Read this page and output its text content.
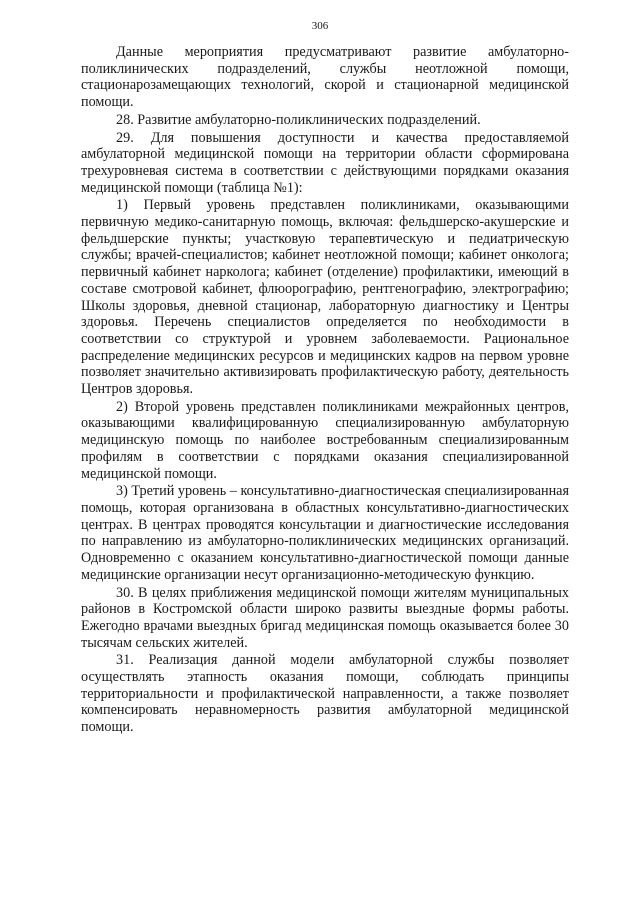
306

Данные мероприятия предусматривают развитие амбулаторно-поликлинических подразделений, службы неотложной помощи, стационарозамещающих технологий, скорой и стационарной медицинской помощи.

28. Развитие амбулаторно-поликлинических подразделений.

29. Для повышения доступности и качества предоставляемой амбулаторной медицинской помощи на территории области сформирована трехуровневая система в соответствии с действующими порядками оказания медицинской помощи (таблица №1):

1) Первый уровень представлен поликлиниками, оказывающими первичную медико-санитарную помощь, включая: фельдшерско-акушерские и фельдшерские пункты; участковую терапевтическую и педиатрическую службы; врачей-специалистов; кабинет неотложной помощи; кабинет онколога; первичный кабинет нарколога; кабинет (отделение) профилактики, имеющий в составе смотровой кабинет, флюорографию, рентгенографию, электрографию; Школы здоровья, дневной стационар, лабораторную диагностику и Центры здоровья. Перечень специалистов определяется по необходимости в соответствии со структурой и уровнем заболеваемости. Рациональное распределение медицинских ресурсов и медицинских кадров на первом уровне позволяет значительно активизировать профилактическую работу, деятельность Центров здоровья.

2) Второй уровень представлен поликлиниками межрайонных центров, оказывающими квалифицированную специализированную амбулаторную медицинскую помощь по наиболее востребованным специализированным профилям в соответствии с порядками оказания специализированной медицинской помощи.

3) Третий уровень – консультативно-диагностическая специализированная помощь, которая организована в областных консультативно-диагностических центрах. В центрах проводятся консультации и диагностические исследования по направлению из амбулаторно-поликлинических медицинских организаций. Одновременно с оказанием консультативно-диагностической помощи данные медицинские организации несут организационно-методическую функцию.

30. В целях приближения медицинской помощи жителям муниципальных районов в Костромской области широко развиты выездные формы работы. Ежегодно врачами выездных бригад медицинская помощь оказывается более 30 тысячам сельских жителей.

31. Реализация данной модели амбулаторной службы позволяет осуществлять этапность оказания помощи, соблюдать принципы территориальности и профилактической направленности, а также позволяет компенсировать неравномерность развития амбулаторной медицинской помощи.
